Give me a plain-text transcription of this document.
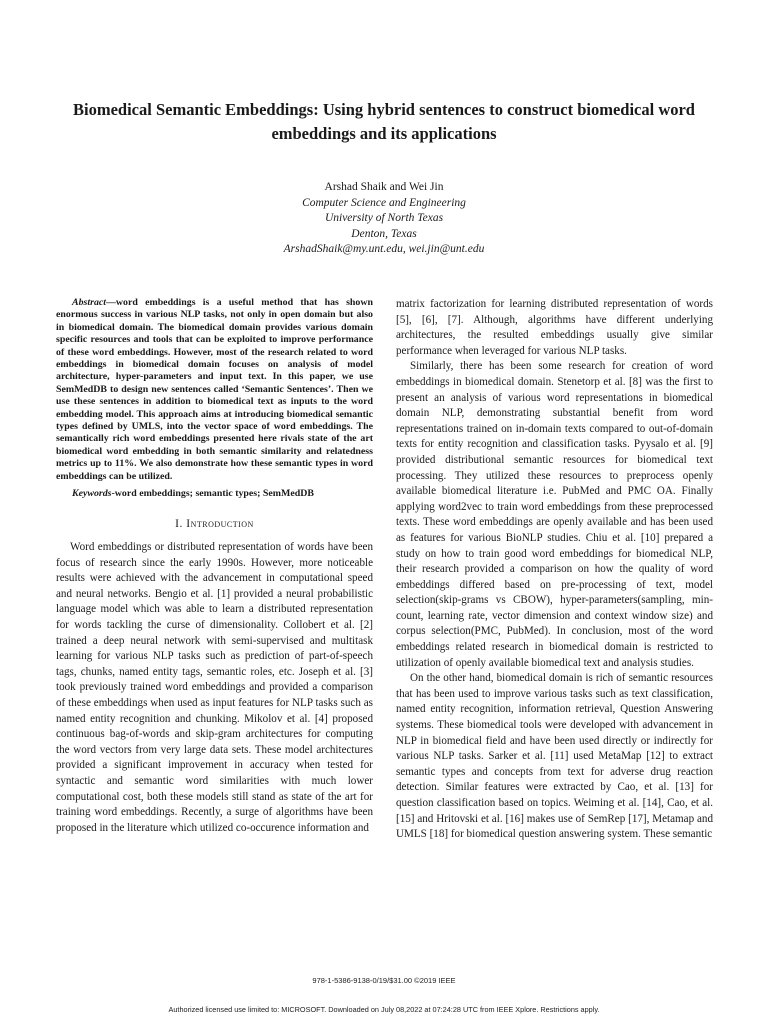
Biomedical Semantic Embeddings: Using hybrid sentences to construct biomedical word embeddings and its applications
Arshad Shaik and Wei Jin
Computer Science and Engineering
University of North Texas
Denton, Texas
ArshadShaik@my.unt.edu, wei.jin@unt.edu

Abstract—word embeddings is a useful method that has shown enormous success in various NLP tasks, not only in open domain but also in biomedical domain. The biomedical domain provides various domain specific resources and tools that can be exploited to improve performance of these word embeddings. However, most of the research related to word embeddings in biomedical domain focuses on analysis of model architecture, hyper-parameters and input text. In this paper, we use SemMedDB to design new sentences called ‘Semantic Sentences’. Then we use these sentences in addition to biomedical text as inputs to the word embedding model. This approach aims at introducing biomedical semantic types defined by UMLS, into the vector space of word embeddings. The semantically rich word embeddings presented here rivals state of the art biomedical word embedding in both semantic similarity and relatedness metrics up to 11%. We also demonstrate how these semantic types in word embeddings can be utilized.

Keywords-word embeddings; semantic types; SemMedDB

I. Introduction

Word embeddings or distributed representation of words have been focus of research since the early 1990s. However, more noticeable results were achieved with the advancement in computational speed and neural networks. Bengio et al. [1] provided a neural probabilistic language model which was able to learn a distributed representation for words tackling the curse of dimensionality. Collobert et al. [2] trained a deep neural network with semi-supervised and multitask learning for various NLP tasks such as prediction of part-of-speech tags, chunks, named entity tags, semantic roles, etc. Joseph et al. [3] took previously trained word embeddings and provided a comparison of these embeddings when used as input features for NLP tasks such as named entity recognition and chunking. Mikolov et al. [4] proposed continuous bag-of-words and skip-gram architectures for computing the word vectors from very large data sets. These model architectures provided a significant improvement in accuracy when tested for syntactic and semantic word similarities with much lower computational cost, both these models still stand as state of the art for training word embeddings. Recently, a surge of algorithms have been proposed in the literature which utilized co-occurence information and

matrix factorization for learning distributed representation of words [5], [6], [7]. Although, algorithms have different underlying architectures, the resulted embeddings usually give similar performance when leveraged for various NLP tasks.

Similarly, there has been some research for creation of word embeddings in biomedical domain. Stenetorp et al. [8] was the first to present an analysis of various word representations in biomedical domain NLP, demonstrating substantial benefit from word representations trained on in-domain texts compared to out-of-domain texts for entity recognition and classification tasks. Pyysalo et al. [9] provided distributional semantic resources for biomedical text processing. They utilized these resources to preprocess openly available biomedical literature i.e. PubMed and PMC OA. Finally applying word2vec to train word embeddings from these preprocessed texts. These word embeddings are openly available and has been used as features for various BioNLP studies. Chiu et al. [10] prepared a study on how to train good word embeddings for biomedical NLP, their research provided a comparison on how the quality of word embeddings differed based on pre-processing of text, model selection(skip-grams vs CBOW), hyper-parameters(sampling, min-count, learning rate, vector dimension and context window size) and corpus selection(PMC, PubMed). In conclusion, most of the word embeddings related research in biomedical domain is restricted to utilization of openly available biomedical text and analysis studies.

On the other hand, biomedical domain is rich of semantic resources that has been used to improve various tasks such as text classification, named entity recognition, information retrieval, Question Answering systems. These biomedical tools were developed with advancement in NLP in biomedical field and have been used directly or indirectly for various NLP tasks. Sarker et al. [11] used MetaMap [12] to extract semantic types and concepts from text for adverse drug reaction detection. Similar features were extracted by Cao, et al. [13] for question classification based on topics. Weiming et al. [14], Cao, et al. [15] and Hritovski et al. [16] makes use of SemRep [17], Metamap and UMLS [18] for biomedical question answering system. These semantic

978-1-5386-9138-0/19/$31.00 ©2019 IEEE
Authorized licensed use limited to: MICROSOFT. Downloaded on July 08,2022 at 07:24:28 UTC from IEEE Xplore. Restrictions apply.
